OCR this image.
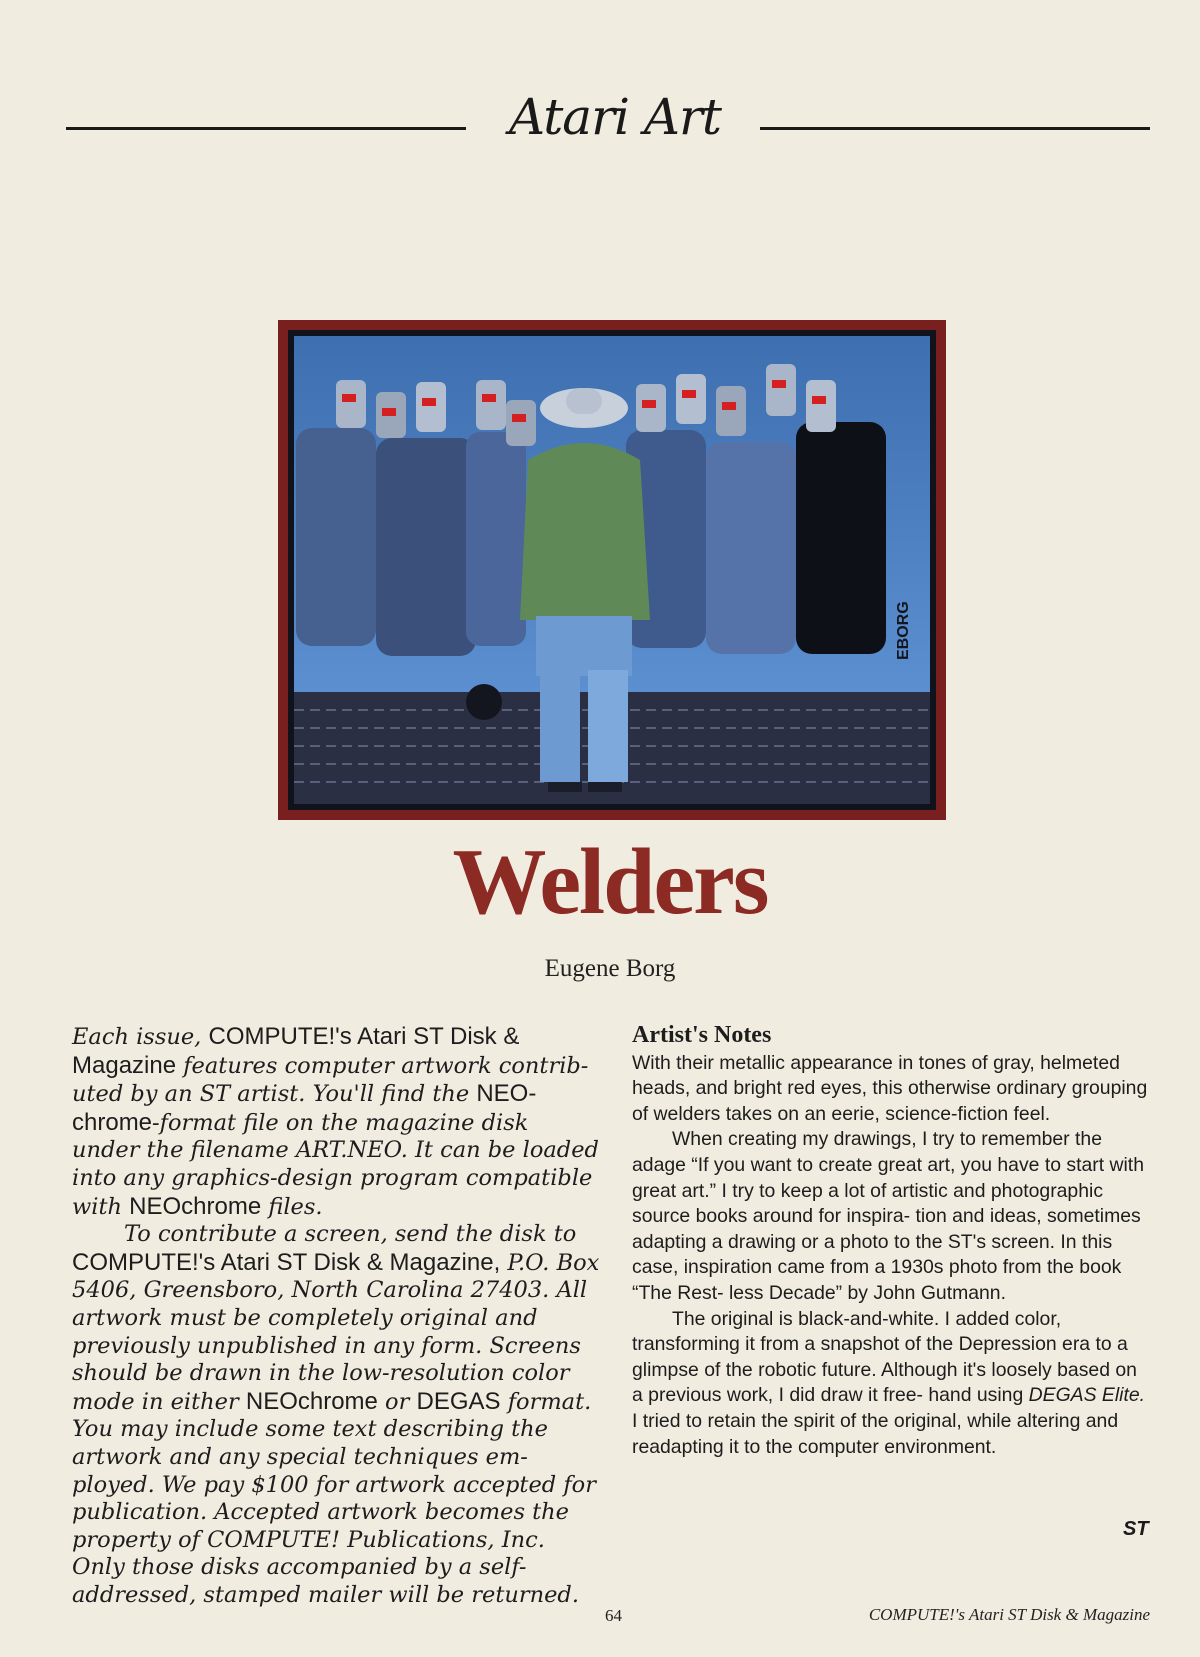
Atari Art
EBORG
Welders
Eugene Borg

Each issue, COMPUTE!'s Atari ST Disk & Magazine features computer artwork contrib- uted by an ST artist. You'll find the NEO-chrome-format file on the magazine disk under the filename ART.NEO. It can be loaded into any graphics-design program compatible with NEOchrome files.

To contribute a screen, send the disk to COMPUTE!'s Atari ST Disk & Magazine, P.O. Box 5406, Greensboro, North Carolina 27403. All artwork must be completely original and previously unpublished in any form. Screens should be drawn in the low-resolution color mode in either NEOchrome or DEGAS format. You may include some text describing the artwork and any special techniques em- ployed. We pay $100 for artwork accepted for publication. Accepted artwork becomes the property of COMPUTE! Publications, Inc. Only those disks accompanied by a self- addressed, stamped mailer will be returned.

Artist's Notes

With their metallic appearance in tones of gray, helmeted heads, and bright red eyes, this otherwise ordinary grouping of welders takes on an eerie, science-fiction feel.

When creating my drawings, I try to remember the adage “If you want to create great art, you have to start with great art.” I try to keep a lot of artistic and photographic source books around for inspira- tion and ideas, sometimes adapting a drawing or a photo to the ST's screen. In this case, inspiration came from a 1930s photo from the book “The Rest- less Decade” by John Gutmann.

The original is black-and-white. I added color, transforming it from a snapshot of the Depression era to a glimpse of the robotic future. Although it's loosely based on a previous work, I did draw it free- hand using DEGAS Elite. I tried to retain the spirit of the original, while altering and readapting it to the computer environment.

ST
64	COMPUTE!'s Atari ST Disk & Magazine
